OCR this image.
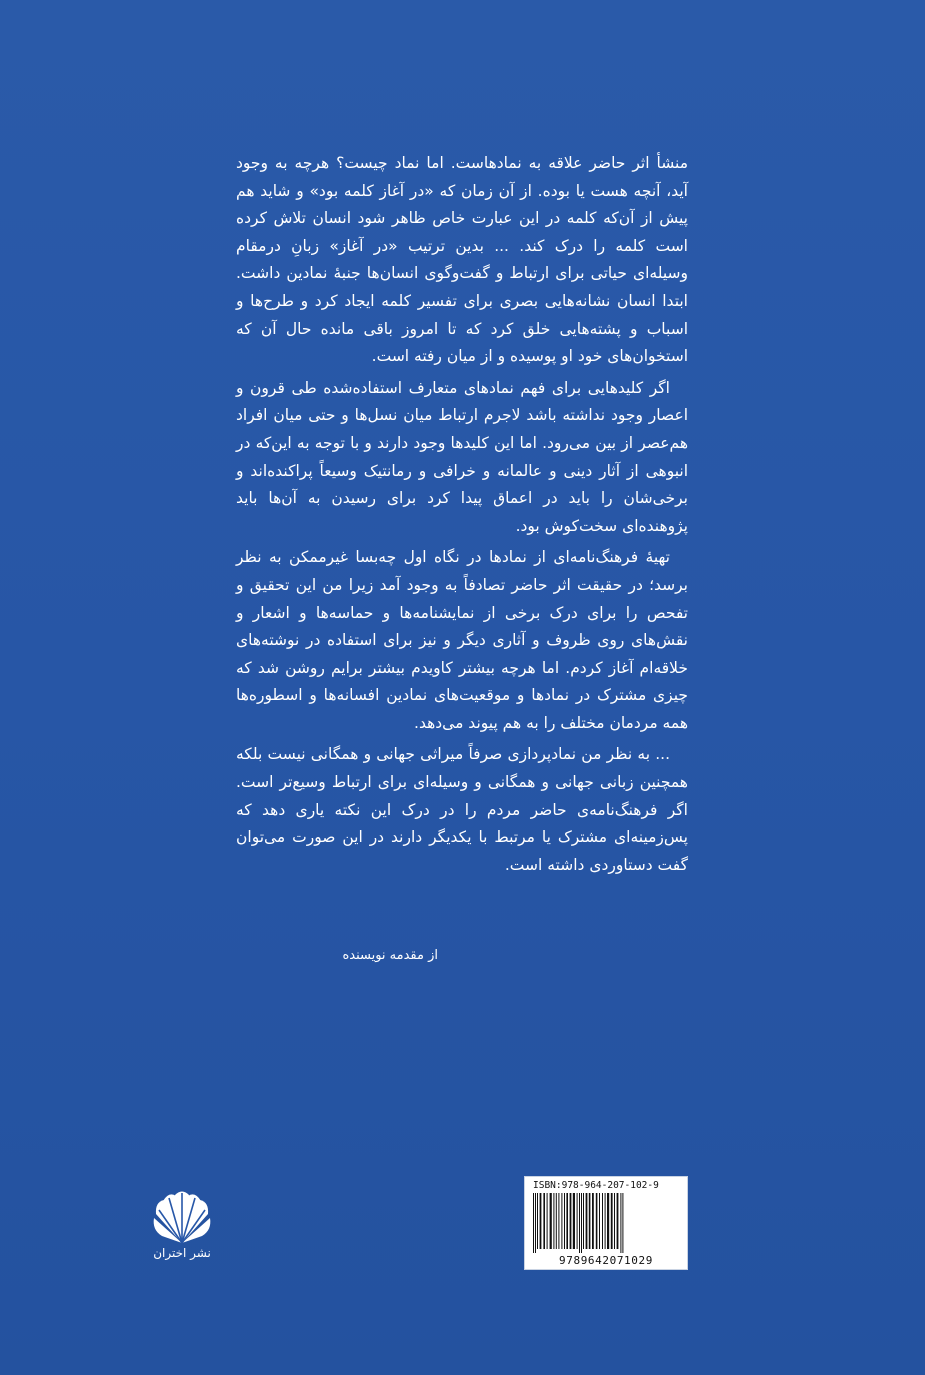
منشأ اثر حاضر علاقه به نمادهاست. اما نماد چیست؟ هرچه به وجود آید، آنچه هست یا بوده. از آن زمان که «در آغاز کلمه بود» و شاید هم پیش از آن‌که کلمه در این عبارت خاص ظاهر شود انسان تلاش کرده است کلمه را درک کند. ... بدین ترتیب «در آغاز» زبانِ درمقام وسیله‌ای حیاتی برای ارتباط و گفت‌وگوی انسان‌ها جنبهٔ نمادین داشت. ابتدا انسان نشانه‌هایی بصری برای تفسیر کلمه ایجاد کرد و طرح‌ها و اسباب و پشته‌هایی خلق کرد که تا امروز باقی مانده حال آن که استخوان‌های خود او پوسیده و از میان رفته است.

اگر کلیدهایی برای فهم نمادهای متعارف استفاده‌شده طی قرون و اعصار وجود نداشته باشد لاجرم ارتباط میان نسل‌ها و حتی میان افراد هم‌عصر از بین می‌رود. اما این کلیدها وجود دارند و با توجه به این‌که در انبوهی از آثار دینی و عالمانه و خرافی و رمانتیک وسیعاً پراکنده‌اند و برخی‌شان را باید در اعماق پیدا کرد برای رسیدن به آن‌ها باید پژوهنده‌ای سخت‌کوش بود.

تهیهٔ فرهنگ‌نامه‌ای از نمادها در نگاه اول چه‌بسا غیرممکن به نظر برسد؛ در حقیقت اثر حاضر تصادفاً به وجود آمد زیرا من این تحقیق و تفحص را برای درک برخی از نمایشنامه‌ها و حماسه‌ها و اشعار و نقش‌های روی ظروف و آثاری دیگر و نیز برای استفاده در نوشته‌های خلاقه‌ام آغاز کردم. اما هرچه بیشتر کاویدم بیشتر برایم روشن شد که چیزی مشترک در نمادها و موقعیت‌های نمادین افسانه‌ها و اسطوره‌ها همه مردمان مختلف را به هم پیوند می‌دهد.

... به نظر من نمادپردازی صرفاً میراثی جهانی و همگانی نیست بلکه همچنین زبانی جهانی و همگانی و وسیله‌ای برای ارتباط وسیع‌تر است. اگر فرهنگ‌نامه‌ی حاضر مردم را در درک این نکته یاری دهد که پس‌زمینه‌ای مشترک یا مرتبط با یکدیگر دارند در این صورت می‌توان گفت دستاوردی داشته است.

از مقدمه نویسنده
نشر اختران
ISBN:978-964-207-102-9
9789642071029
